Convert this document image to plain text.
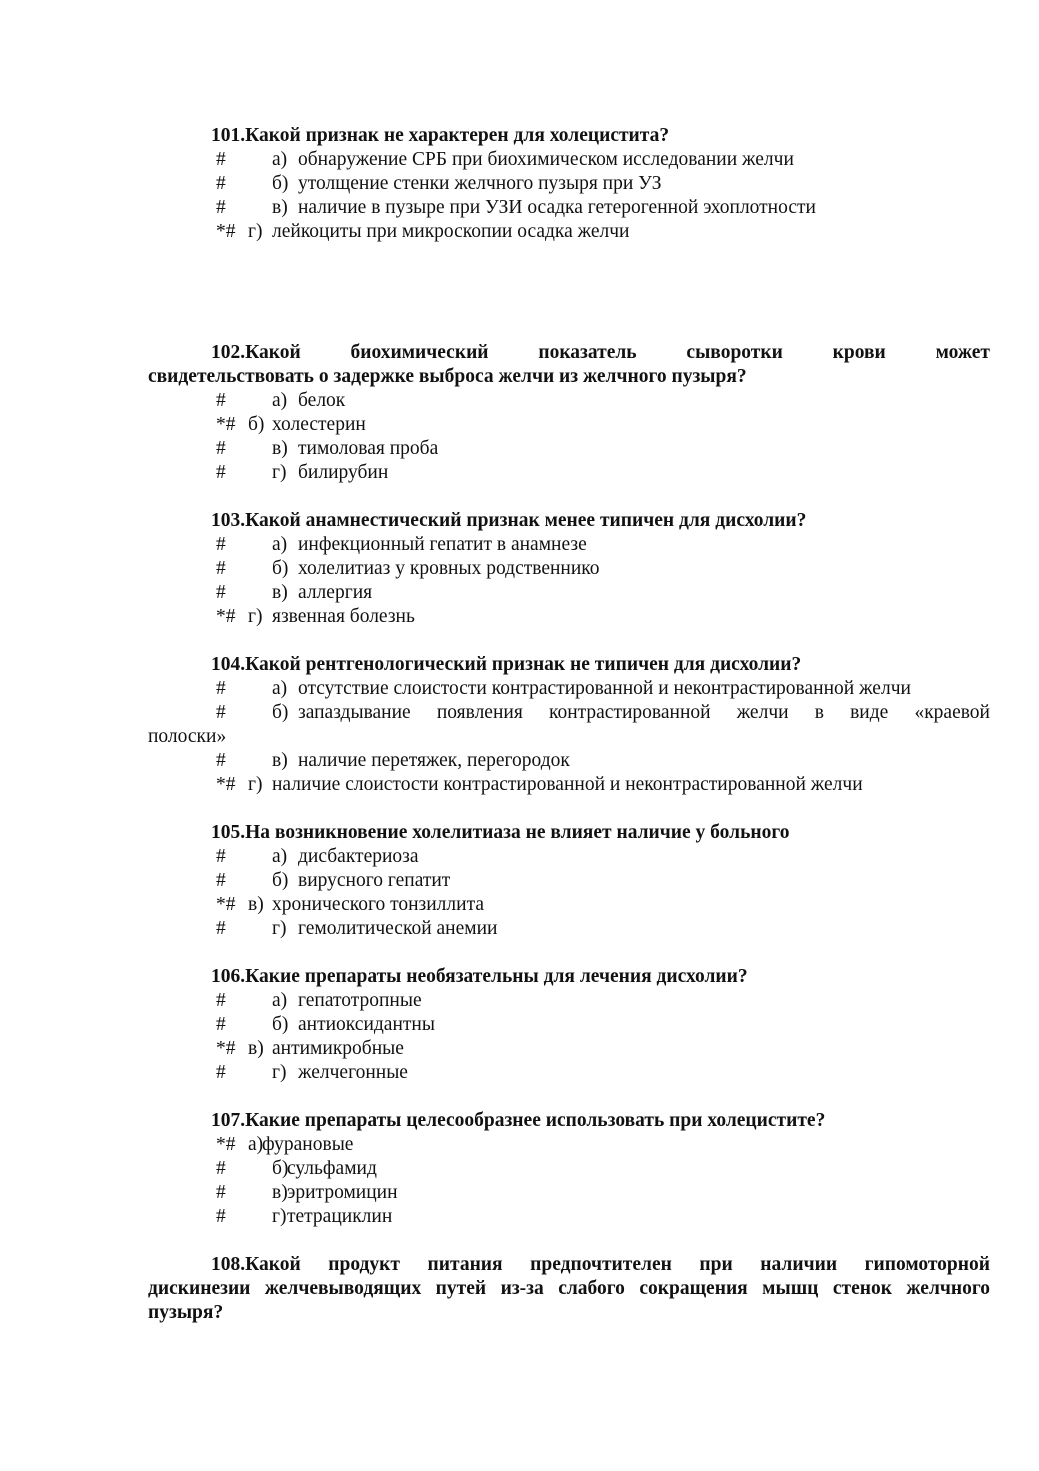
101.Какой признак не характерен для холецистита?
# а) обнаружение СРБ при биохимическом исследовании желчи
# б) утолщение стенки желчного пузыря при УЗ
# в) наличие в пузыре при УЗИ осадка гетерогенной эхоплотности
*# г) лейкоциты при микроскопии осадка желчи
102.Какой биохимический показатель сыворотки крови может
свидетельствовать о задержке выброса желчи из желчного пузыря?
# а) белок
*# б) холестерин
# в) тимоловая проба
# г) билирубин
103.Какой анамнестический признак менее типичен для дисхолии?
# а) инфекционный гепатит в анамнезе
# б) холелитиаз у кровных родственнико
# в) аллергия
*# г) язвенная болезнь
104.Какой рентгенологический признак не типичен для дисхолии?
# а) отсутствие слоистости контрастированной и неконтрастированной желчи
# б) запаздывание появления контрастированной желчи в виде «краевой
полоски»
# в) наличие перетяжек, перегородок
*# г) наличие слоистости контрастированной и неконтрастированной желчи
105.На возникновение холелитиаза не влияет наличие у больного
# а) дисбактериоза
# б) вирусного гепатит
*# в) хронического тонзиллита
# г) гемолитической анемии
106.Какие препараты необязательны для лечения дисхолии?
# а) гепатотропные
# б) антиоксидантны
*# в) антимикробные
# г) желчегонные
107.Какие препараты целесообразнее использовать при холецистите?
*# а)
фурановые
# б)
сульфамид
# в) эритромицин
# г) тетрациклин
108.Какой продукт питания предпочтителен при наличии гипомоторной
дискинезии желчевыводящих путей из-за слабого сокращения мышц стенок желчного
пузыря?
